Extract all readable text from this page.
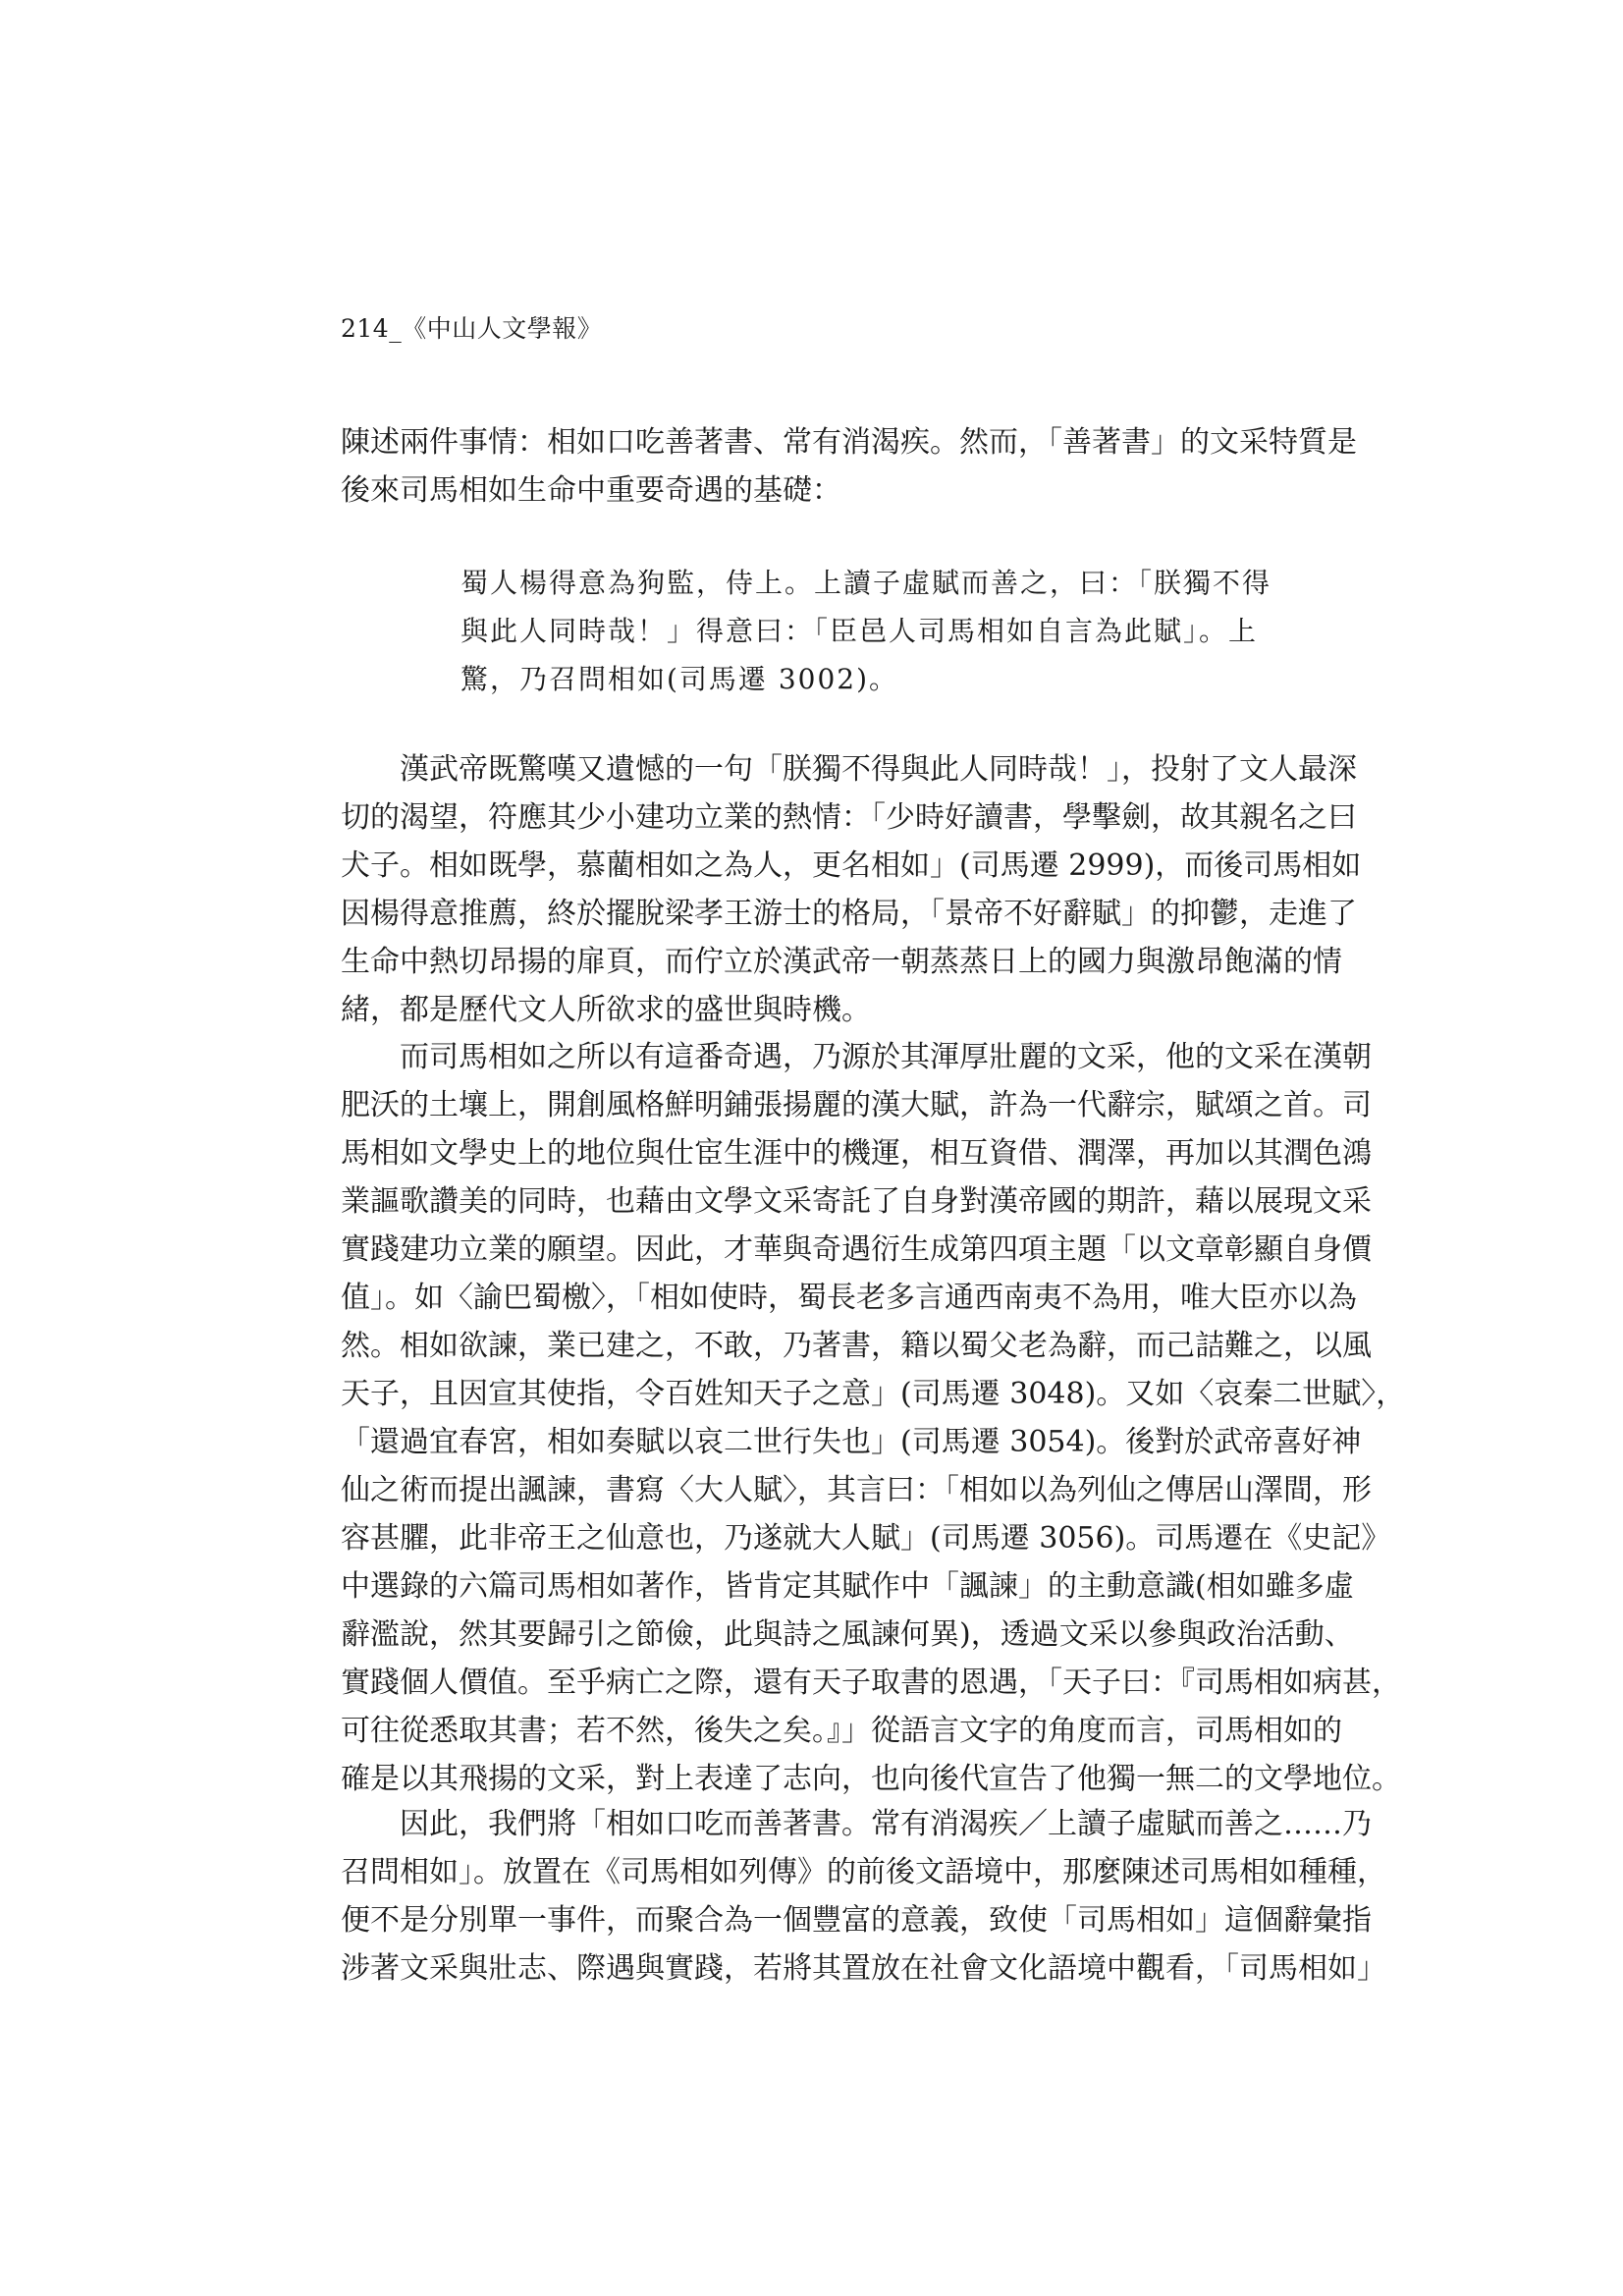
214_《中山人文學報》
陳述兩件事情：相如口吃善著書、常有消渴疾。然而，「善著書」的文采特質是
後來司馬相如生命中重要奇遇的基礎：
蜀人楊得意為狗監，侍上。上讀子虛賦而善之，曰：「朕獨不得
與此人同時哉！」得意曰：「臣邑人司馬相如自言為此賦」。上
驚，乃召問相如(司馬遷 3002)。
　　漢武帝既驚嘆又遺憾的一句「朕獨不得與此人同時哉！」，投射了文人最深
切的渴望，符應其少小建功立業的熱情：「少時好讀書，學擊劍，故其親名之曰
犬子。相如既學，慕藺相如之為人，更名相如」(司馬遷 2999)，而後司馬相如
因楊得意推薦，終於擺脫梁孝王游士的格局，「景帝不好辭賦」的抑鬱，走進了
生命中熱切昂揚的扉頁，而佇立於漢武帝一朝蒸蒸日上的國力與激昂飽滿的情
緒，都是歷代文人所欲求的盛世與時機。
　　而司馬相如之所以有這番奇遇，乃源於其渾厚壯麗的文采，他的文采在漢朝
肥沃的土壤上，開創風格鮮明鋪張揚麗的漢大賦，許為一代辭宗，賦頌之首。司
馬相如文學史上的地位與仕宦生涯中的機運，相互資借、潤澤，再加以其潤色鴻
業謳歌讚美的同時，也藉由文學文采寄託了自身對漢帝國的期許，藉以展現文采
實踐建功立業的願望。因此，才華與奇遇衍生成第四項主題「以文章彰顯自身價
值」。如〈諭巴蜀檄〉，「相如使時，蜀長老多言通西南夷不為用，唯大臣亦以為
然。相如欲諫，業已建之，不敢，乃著書，籍以蜀父老為辭，而己詰難之，以風
天子，且因宣其使指，令百姓知天子之意」(司馬遷 3048)。又如〈哀秦二世賦〉，
「還過宜春宮，相如奏賦以哀二世行失也」(司馬遷 3054)。後對於武帝喜好神
仙之術而提出諷諫，書寫〈大人賦〉，其言曰：「相如以為列仙之傳居山澤間，形
容甚臞，此非帝王之仙意也，乃遂就大人賦」(司馬遷 3056)。司馬遷在《史記》
中選錄的六篇司馬相如著作，皆肯定其賦作中「諷諫」的主動意識(相如雖多虛
辭濫說，然其要歸引之節儉，此與詩之風諫何異)，透過文采以參與政治活動、
實踐個人價值。至乎病亡之際，還有天子取書的恩遇，「天子曰：『司馬相如病甚，
可往從悉取其書；若不然，後失之矣。』」從語言文字的角度而言，司馬相如的
確是以其飛揚的文采，對上表達了志向，也向後代宣告了他獨一無二的文學地位。
　　因此，我們將「相如口吃而善著書。常有消渴疾／上讀子虛賦而善之……乃
召問相如」。放置在《司馬相如列傳》的前後文語境中，那麼陳述司馬相如種種，
便不是分別單一事件，而聚合為一個豐富的意義，致使「司馬相如」這個辭彙指
涉著文采與壯志、際遇與實踐，若將其置放在社會文化語境中觀看，「司馬相如」
